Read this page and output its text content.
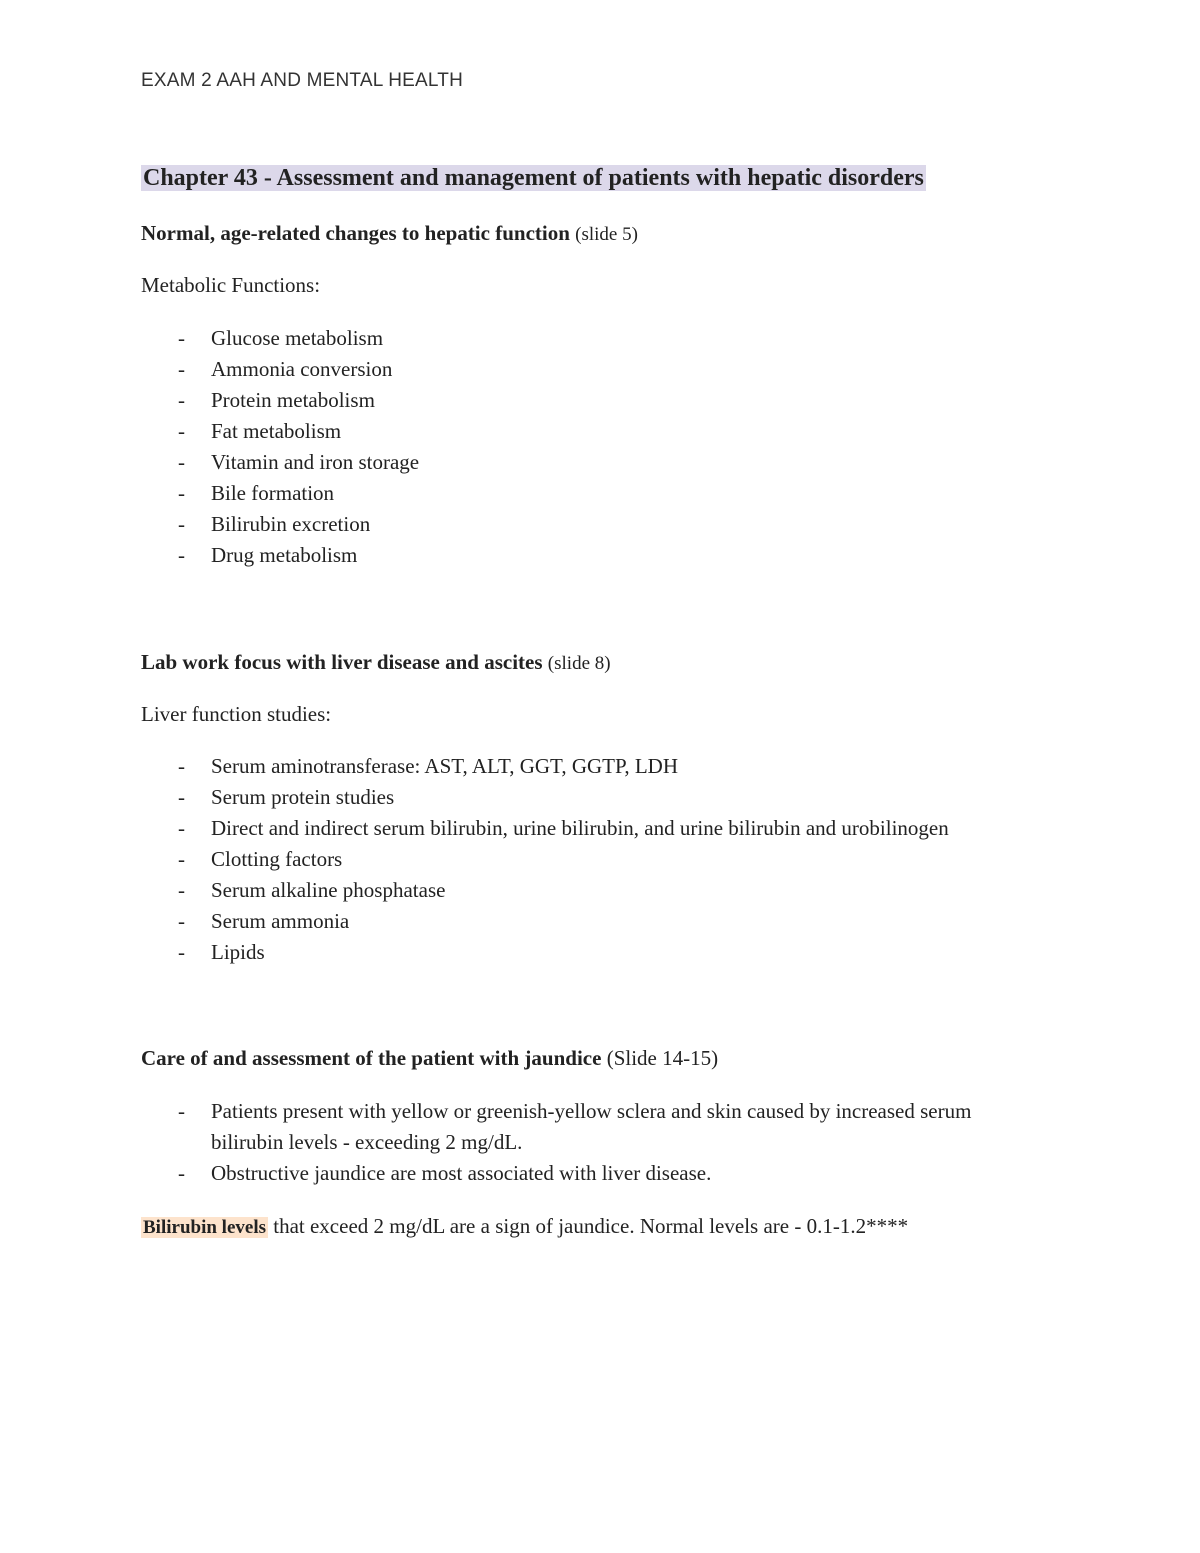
EXAM 2 AAH AND MENTAL HEALTH
Chapter 43 - Assessment and management of patients with hepatic disorders
Normal, age-related changes to hepatic function (slide 5)
Metabolic Functions:
- Glucose metabolism
- Ammonia conversion
- Protein metabolism
- Fat metabolism
- Vitamin and iron storage
- Bile formation
- Bilirubin excretion
- Drug metabolism
Lab work focus with liver disease and ascites (slide 8)
Liver function studies:
- Serum aminotransferase: AST, ALT, GGT, GGTP, LDH
- Serum protein studies
- Direct and indirect serum bilirubin, urine bilirubin, and urine bilirubin and urobilinogen
- Clotting factors
- Serum alkaline phosphatase
- Serum ammonia
- Lipids
Care of and assessment of the patient with jaundice (Slide 14-15)
- Patients present with yellow or greenish-yellow sclera and skin caused by increased serum bilirubin levels - exceeding 2 mg/dL.
- Obstructive jaundice are most associated with liver disease.
Bilirubin levels that exceed 2 mg/dL are a sign of jaundice. Normal levels are - 0.1-1.2****
